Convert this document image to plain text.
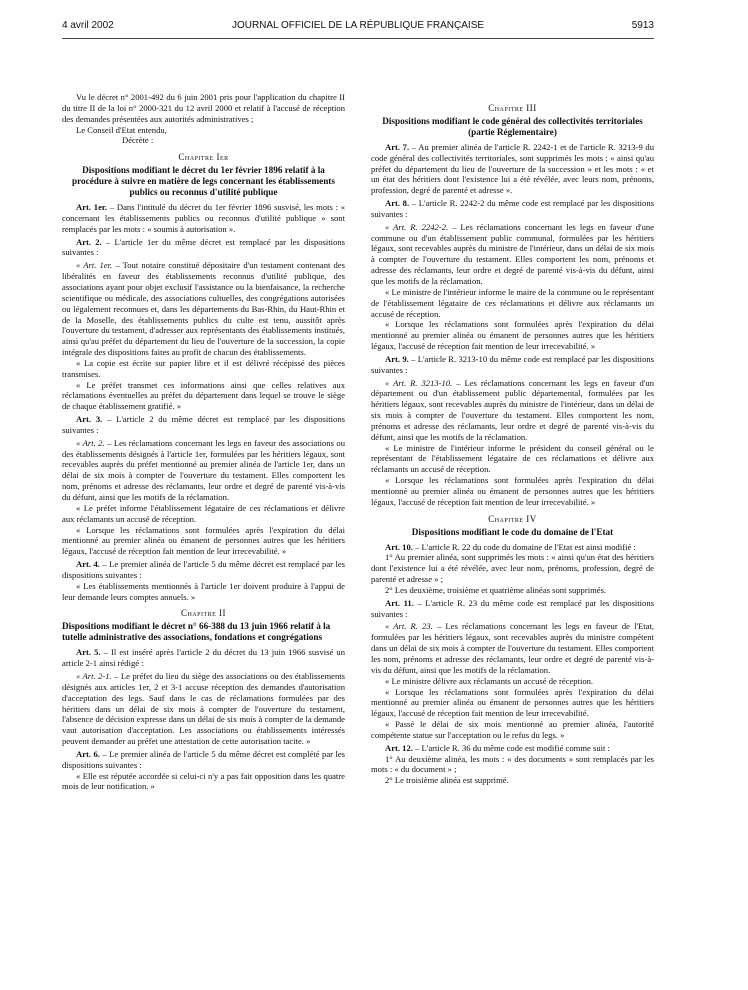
4 avril 2002	JOURNAL OFFICIEL DE LA RÉPUBLIQUE FRANÇAISE	5913

Vu le décret n° 2001-492 du 6 juin 2001 pris pour l'application du chapitre II du titre II de la loi n° 2000-321 du 12 avril 2000 et relatif à l'accusé de réception des demandes présentées aux autorités administratives ;

Le Conseil d'Etat entendu,

Décrète :

Chapitre Ier

Dispositions modifiant le décret du 1er février 1896 relatif à la procédure à suivre en matière de legs concernant les établissements publics ou reconnus d'utilité publique

Art. 1er. – Dans l'intitulé du décret du 1er février 1896 susvisé, les mots : « concernant les établissements publics ou reconnus d'utilité publique » sont remplacés par les mots : « soumis à autorisation ».

Art. 2. – L'article 1er du même décret est remplacé par les dispositions suivantes :

« Art. 1er. – Tout notaire constitué dépositaire d'un testament contenant des libéralités en faveur des établissements reconnus d'utilité publique, des associations ayant pour objet exclusif l'assistance ou la bienfaisance, la recherche scientifique ou médicale, des associations cultuelles, des congrégations autorisées ou légalement reconnues et, dans les départements du Bas-Rhin, du Haut-Rhin et de la Moselle, des établissements publics du culte est tenu, aussitôt après l'ouverture du testament, d'adresser aux représentants des établissements institués, ainsi qu'au préfet du département du lieu de l'ouverture de la succession, la copie intégrale des dispositions faites au profit de chacun des établissements.

« La copie est écrite sur papier libre et il est délivré récépissé des pièces transmises.

« Le préfet transmet ces informations ainsi que celles relatives aux réclamations éventuelles au préfet du département dans lequel se trouve le siège de chaque établissement gratifié. »

Art. 3. – L'article 2 du même décret est remplacé par les dispositions suivantes :

« Art. 2. – Les réclamations concernant les legs en faveur des associations ou des établissements désignés à l'article 1er, formulées par les héritiers légaux, sont recevables auprès du préfet mentionné au premier alinéa de l'article 1er, dans un délai de six mois à compter de l'ouverture du testament. Elles comportent les nom, prénoms et adresse des réclamants, leur ordre et degré de parenté vis-à-vis du défunt, ainsi que les motifs de la réclamation.

« Le préfet informe l'établissement légataire de ces réclamations et délivre aux réclamants un accusé de réception.

« Lorsque les réclamations sont formulées après l'expiration du délai mentionné au premier alinéa ou émanent de personnes autres que les héritiers légaux, l'accusé de réception fait mention de leur irrecevabilité. »

Art. 4. – Le premier alinéa de l'article 5 du même décret est remplacé par les dispositions suivantes :

« Les établissements mentionnés à l'article 1er doivent produire à l'appui de leur demande leurs comptes annuels. »

Chapitre II

Dispositions modifiant le décret n° 66-388 du 13 juin 1966 relatif à la tutelle administrative des associations, fondations et congrégations

Art. 5. – Il est inséré après l'article 2 du décret du 13 juin 1966 susvisé un article 2-1 ainsi rédigé :

« Art. 2-1. – Le préfet du lieu du siège des associations ou des établissements désignés aux articles 1er, 2 et 3-1 accuse réception des demandes d'autorisation d'acceptation des legs. Sauf dans le cas de réclamations formulées par des héritiers dans un délai de six mois à compter de l'ouverture du testament, l'absence de décision expresse dans un délai de six mois à compter de la demande vaut autorisation d'acceptation. Les associations ou établissements intéressés peuvent demander au préfet une attestation de cette autorisation tacite. »

Art. 6. – Le premier alinéa de l'article 5 du même décret est complété par les dispositions suivantes :

« Elle est réputée accordée si celui-ci n'y a pas fait opposition dans les quatre mois de leur notification. »

Chapitre III

Dispositions modifiant le code général des collectivités territoriales (partie Réglementaire)

Art. 7. – Au premier alinéa de l'article R. 2242-1 et de l'article R. 3213-9 du code général des collectivités territoriales, sont supprimés les mots : « ainsi qu'au préfet du département du lieu de l'ouverture de la succession » et les mots : « et un état des héritiers dont l'existence lui a été révélée, avec leurs nom, prénoms, profession, degré de parenté et adresse ».

Art. 8. – L'article R. 2242-2 du même code est remplacé par les dispositions suivantes :

« Art. R. 2242-2. – Les réclamations concernant les legs en faveur d'une commune ou d'un établissement public communal, formulées par les héritiers légaux, sont recevables auprès du ministre de l'intérieur, dans un délai de six mois à compter de l'ouverture du testament. Elles comportent les nom, prénoms et adresse des réclamants, leur ordre et degré de parenté vis-à-vis du défunt, ainsi que les motifs de la réclamation.

« Le ministre de l'intérieur informe le maire de la commune ou le représentant de l'établissement légataire de ces réclamations et délivre aux réclamants un accusé de réception.

« Lorsque les réclamations sont formulées après l'expiration du délai mentionné au premier alinéa ou émanent de personnes autres que les héritiers légaux, l'accusé de réception fait mention de leur irrecevabilité. »

Art. 9. – L'article R. 3213-10 du même code est remplacé par les dispositions suivantes :

« Art. R. 3213-10. – Les réclamations concernant les legs en faveur d'un département ou d'un établissement public départemental, formulées par les héritiers légaux, sont recevables auprès du ministre de l'intérieur, dans un délai de six mois à compter de l'ouverture du testament. Elles comportent les nom, prénoms et adresse des réclamants, leur ordre et degré de parenté vis-à-vis du défunt, ainsi que les motifs de la réclamation.

« Le ministre de l'intérieur informe le président du conseil général ou le représentant de l'établissement légataire de ces réclamations et délivre aux réclamants un accusé de réception.

« Lorsque les réclamations sont formulées après l'expiration du délai mentionné au premier alinéa ou émanent de personnes autres que les héritiers légaux, l'accusé de réception fait mention de leur irrecevabilité. »

Chapitre IV

Dispositions modifiant le code du domaine de l'Etat

Art. 10. – L'article R. 22 du code du domaine de l'Etat est ainsi modifié :

1° Au premier alinéa, sont supprimés les mots : « ainsi qu'un état des héritiers dont l'existence lui a été révélée, avec leur nom, prénoms, profession, degré de parenté et adresse » ;

2° Les deuxième, troisième et quatrième alinéas sont supprimés.

Art. 11. – L'article R. 23 du même code est remplacé par les dispositions suivantes :

« Art. R. 23. – Les réclamations concernant les legs en faveur de l'Etat, formulées par les héritiers légaux, sont recevables auprès du ministre compétent dans un délai de six mois à compter de l'ouverture du testament. Elles comportent les nom, prénoms et adresse des réclamants, leur ordre et degré de parenté vis-à-vis du défunt, ainsi que les motifs de la réclamation.

« Le ministre délivre aux réclamants un accusé de réception.

« Lorsque les réclamations sont formulées après l'expiration du délai mentionné au premier alinéa ou émanent de personnes autres que les héritiers légaux, l'accusé de réception fait mention de leur irrecevabilité.

« Passé le délai de six mois mentionné au premier alinéa, l'autorité compétente statue sur l'acceptation ou le refus du legs. »

Art. 12. – L'article R. 36 du même code est modifié comme suit :

1° Au deuxième alinéa, les mots : « des documents » sont remplacés par les mots : « du document » ;

2° Le troisième alinéa est supprimé.
